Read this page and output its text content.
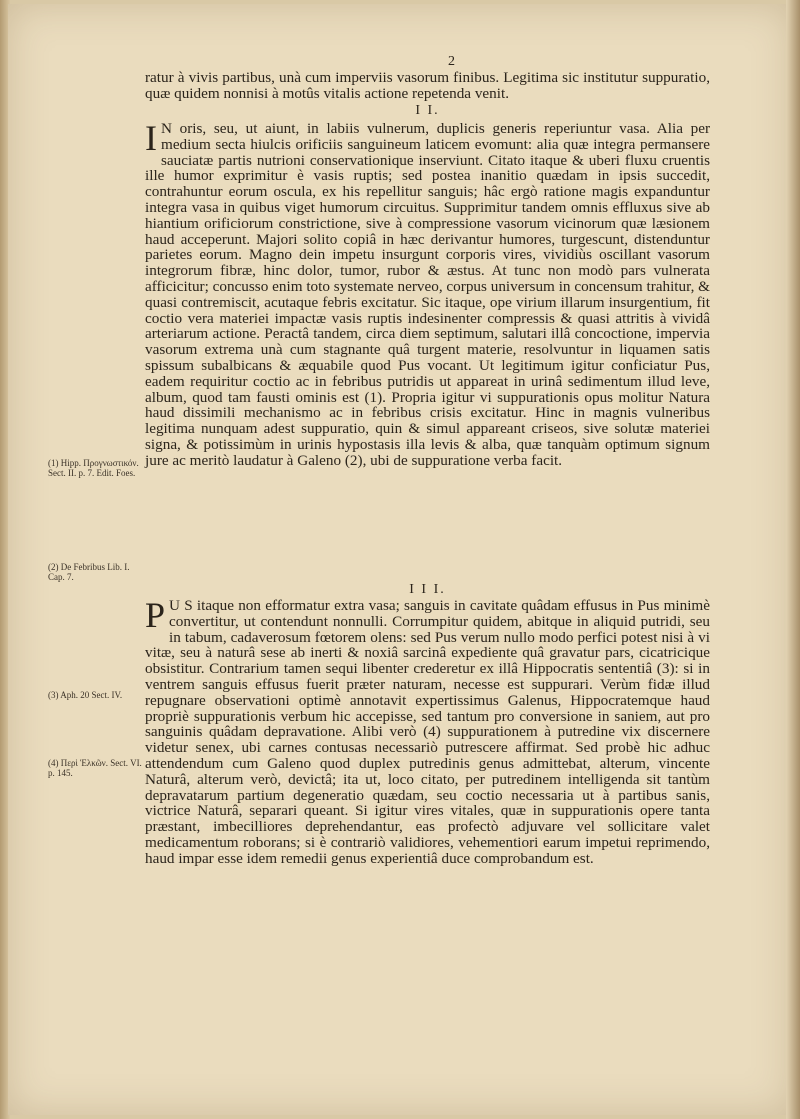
2

ratur à vivis partibus, unà cum imperviis vasorum finibus. Legitima sic institutur suppuratio, quæ quidem nonnisi à motûs vitalis actione repetenda venit.

I I.
I N oris, seu, ut aiunt, in labiis vulnerum, duplicis generis reperiuntur vasa. Alia per medium secta hiulcis orificiis sanguineum laticem evomunt: alia quæ integra permansere sauciatæ partis nutrioni conservationique inserviunt. Citato itaque & uberi fluxu cruentis ille humor exprimitur è vasis ruptis; sed postea inanitio quædam in ipsis succedit, contrahuntur eorum oscula, ex his repellitur sanguis; hâc ergò ratione magis expanduntur integra vasa in quibus viget humorum circuitus. Supprimitur tandem omnis effluxus sive ab hiantium orificiorum constrictione, sive à compressione vasorum vicinorum quæ læsionem haud acceperunt. Majori solito copiâ in hæc derivantur humores, turgescunt, distenduntur parietes eorum. Magno dein impetu insurgunt corporis vires, vividiùs oscillant vasorum integrorum fibræ, hinc dolor, tumor, rubor & æstus. At tunc non modò pars vulnerata afficicitur; concusso enim toto systemate nerveo, corpus universum in concensum trahitur, & quasi contremiscit, acutaque febris excitatur. Sic itaque, ope virium illarum insurgentium, fit coctio vera materiei impactæ vasis ruptis indesinenter compressis & quasi attritis à vividâ arteriarum actione. Peractâ tandem, circa diem septimum, salutari illâ concoctione, impervia vasorum extrema unà cum stagnante quâ turgent materie, resolvuntur in liquamen satis spissum subalbicans & æquabile quod Pus vocant. Ut legitimum igitur conficiatur Pus, eadem requiritur coctio ac in febribus putridis ut appareat in urinâ sedimentum illud leve, album, quod tam fausti ominis est (1). Propria igitur vi suppurationis opus molitur Natura haud dissimili mechanismo ac in febribus crisis excitatur. Hinc in magnis vulneribus legitima nunquam adest suppuratio, quin & simul appareant criseos, sive solutæ materiei signa, & potissimùm in urinis hypostasis illa levis & alba, quæ tanquàm optimum signum jure ac meritò laudatur à Galeno (2), ubi de suppuratione verba facit.

I I I.
P U S itaque non efformatur extra vasa; sanguis in cavitate quâdam effusus in Pus minimè convertitur, ut contendunt nonnulli. Corrumpitur quidem, abitque in aliquid putridi, seu in tabum, cadaverosum fœtorem olens: sed Pus verum nullo modo perfici potest nisi à vi vitæ, seu à naturâ sese ab inerti & noxiâ sarcinâ expediente quâ gravatur pars, cicatricique obsistitur. Contrarium tamen sequi libenter crederetur ex illâ Hippocratis sententiâ (3): si in ventrem sanguis effusus fuerit præter naturam, necesse est suppurari. Verùm fidæ illud repugnare observationi optimè annotavit expertissimus Galenus, Hippocratemque haud propriè suppurationis verbum hic accepisse, sed tantum pro conversione in saniem, aut pro sanguinis quâdam depravatione. Alibi verò (4) suppurationem à putredine vix discernere videtur senex, ubi carnes contusas necessariò putrescere affirmat. Sed probè hic adhuc attendendum cum Galeno quod duplex putredinis genus admittebat, alterum, vincente Naturâ, alterum verò, devictâ; ita ut, loco citato, per putredinem intelligenda sit tantùm depravatarum partium degeneratio quædam, seu coctio necessaria ut à partibus sanis, victrice Naturâ, separari queant. Si igitur vires vitales, quæ in suppurationis opere tanta præstant, imbecilliores deprehendantur, eas profectò adjuvare vel sollicitare valet medicamentum roborans; si è contrariò validiores, vehementiori earum impetui reprimendo, haud impar esse idem remedii genus experientiâ duce comprobandum est.

(1) Hipp. Προγνωστικόν. Sect. II. p. 7. Edit. Foes.
(2) De Febribus Lib. I. Cap. 7.
(3) Aph. 20 Sect. IV.
(4) Περὶ Ἑλκῶν. Sect. VI. p. 145.
